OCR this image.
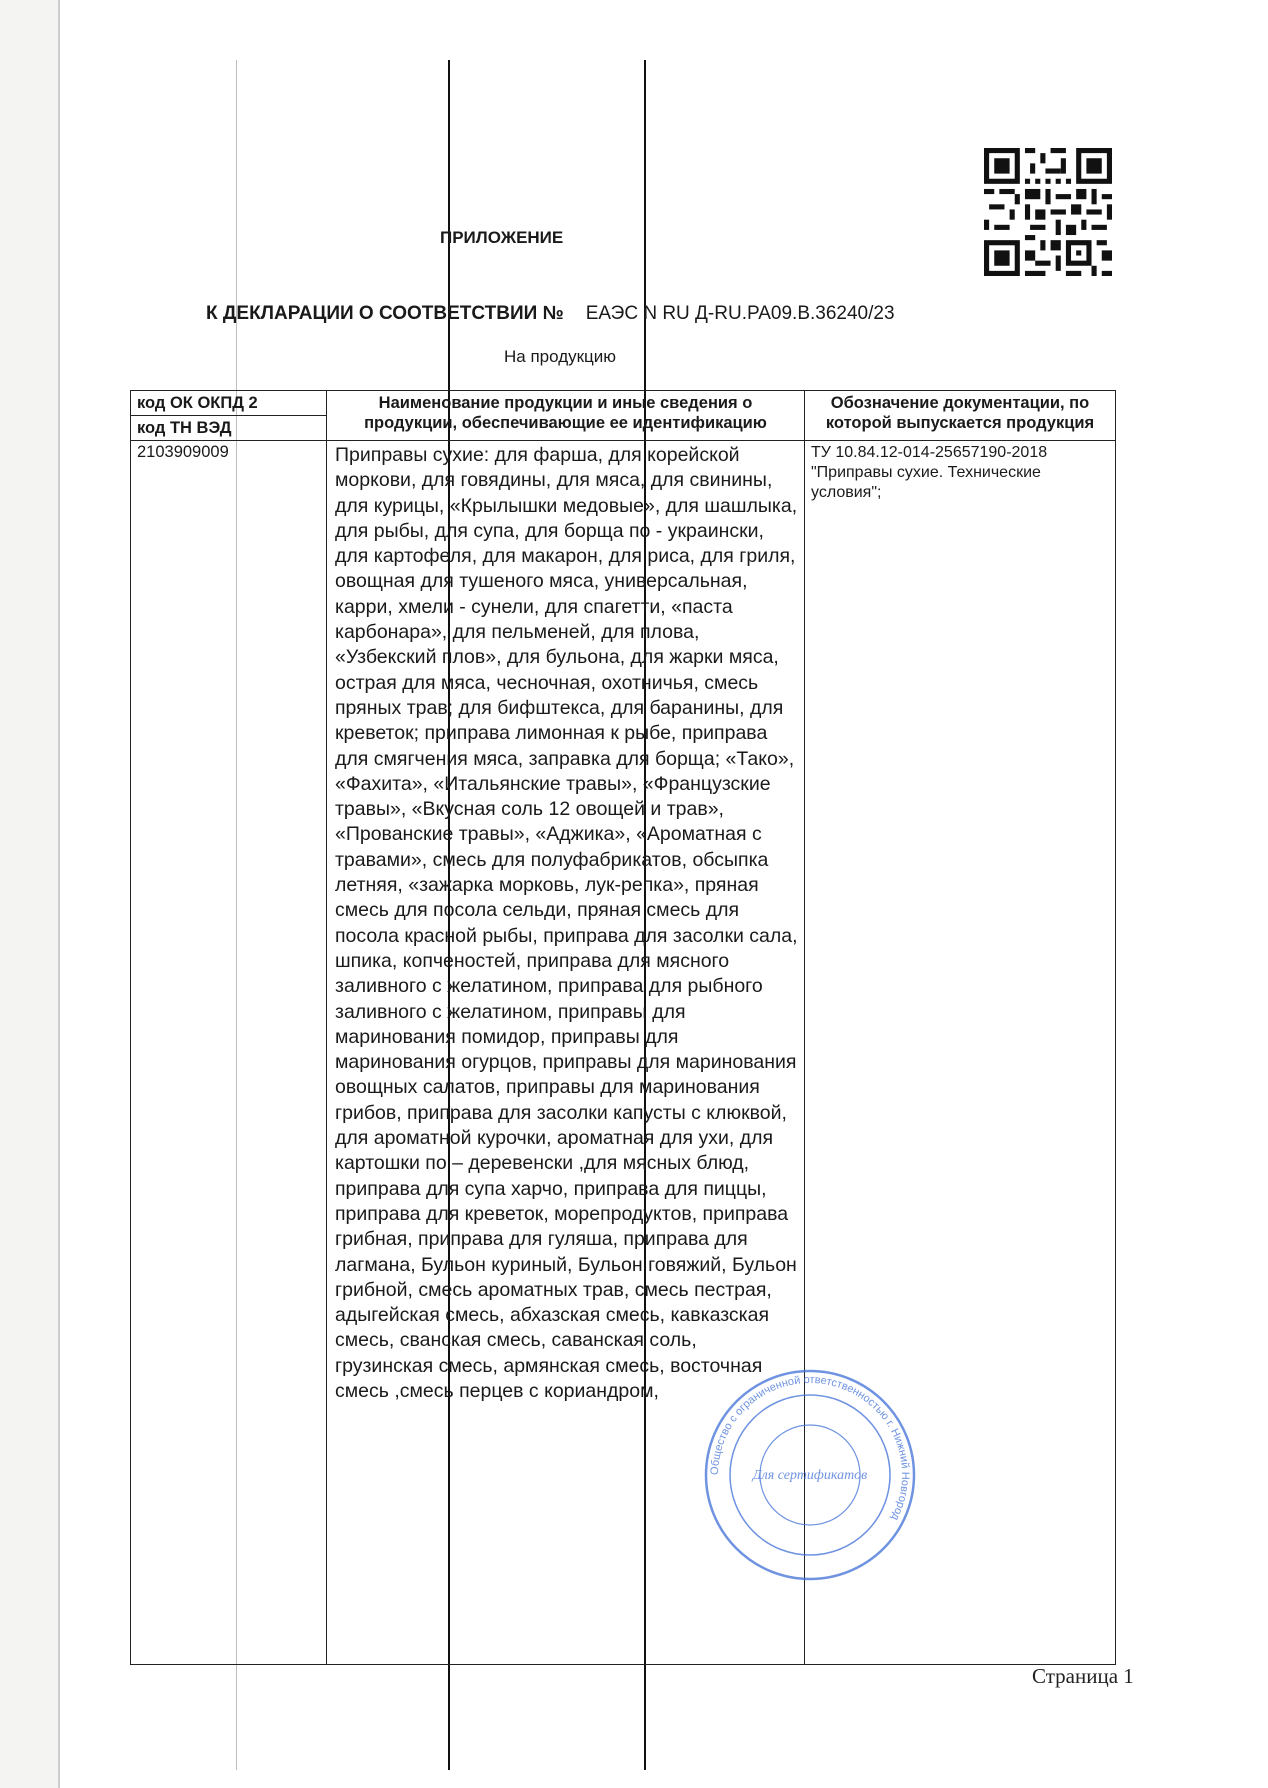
ПРИЛОЖЕНИЕ
К ДЕКЛАРАЦИИ О СООТВЕТСТВИИ № ЕАЭС N RU Д-RU.PA09.B.36240/23
На продукцию
код ОК ОКПД 2	Наименование продукции и иные сведения о продукции, обеспечивающие ее идентификацию	Обозначение документации, по которой выпускается продукция
код ТН ВЭД		
2103909009	Приправы сухие: для фарша, для корейской моркови, для говядины, для мяса, для свинины, для курицы, «Крылышки медовые», для шашлыка, для рыбы, для супа, для борща по - украински, для картофеля, для макарон, для риса, для гриля, овощная для тушеного мяса, универсальная, карри, хмели - сунели, для спагетти, «паста карбонара», для пельменей, для плова, «Узбекский плов», для бульона, для жарки мяса, острая для мяса, чесночная, охотничья, смесь пряных трав; для бифштекса, для баранины, для креветок; приправа лимонная к рыбе, приправа для смягчения мяса, заправка для борща; «Тако», «Фахита», «Итальянские травы», «Французские травы», «Вкусная соль 12 овощей и трав», «Прованские травы», «Аджика», «Ароматная с травами», смесь для полуфабрикатов, обсыпка летняя, «зажарка морковь, лук-репка», пряная смесь для посола сельди, пряная смесь для посола красной рыбы, приправа для засолки сала, шпика, копченостей, приправа для мясного заливного с желатином, приправа для рыбного заливного с желатином, приправы для маринования помидор, приправы для маринования огурцов, приправы для маринования овощных салатов, приправы для маринования грибов, приправа для засолки капусты с клюквой, для ароматной курочки, ароматная для ухи, для картошки по – деревенски ,для мясных блюд, приправа для супа харчо, приправа для пиццы, приправа для креветок, морепродуктов, приправа грибная, приправа для гуляша, приправа для лагмана, Бульон куриный, Бульон говяжий, Бульон грибной, смесь ароматных трав, смесь пестрая, адыгейская смесь, абхазская смесь, кавказская смесь, сванская смесь, саванская соль, грузинская смесь, армянская смесь, восточная смесь ,смесь перцев с кориандром,	ТУ 10.84.12-014-25657190-2018 "Приправы сухие. Технические условия";
Общество с ограниченной ответственностью г. Нижний Новгород
Для сертификатов
Страница 1
